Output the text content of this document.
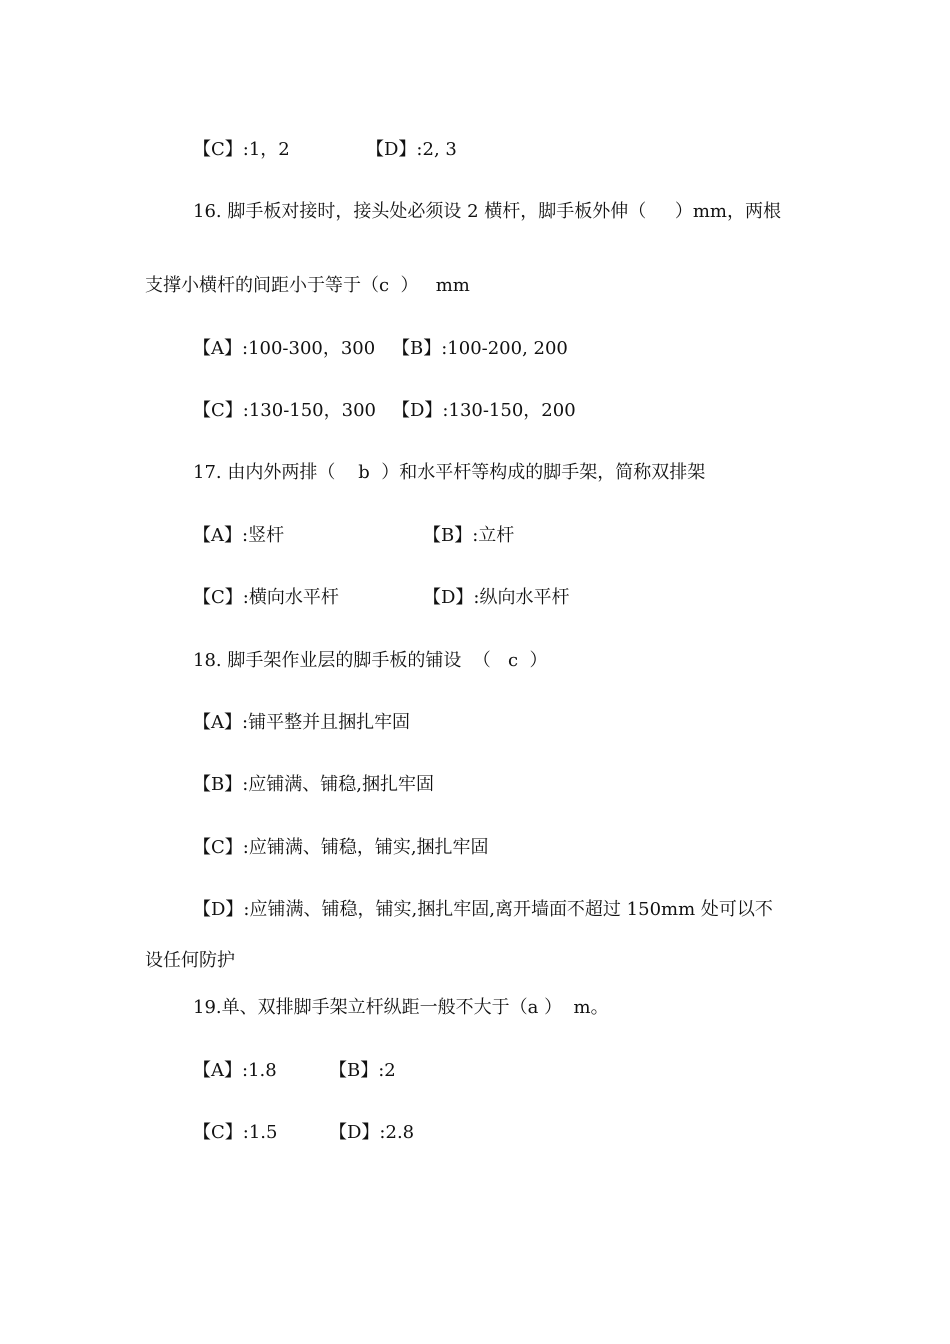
【C】:1，2	【D】:2, 3
16. 脚手板对接时，接头处必须设 2 横杆，脚手板外伸（     ）mm，两根
支撑小横杆的间距小于等于（c  ）   mm
【A】:100-300，300 【B】:100-200, 200
【C】:130-150，300 【D】:130-150，200
17. 由内外两排（    b  ）和水平杆等构成的脚手架，简称双排架
【A】:竖杆	【B】:立杆
【C】:横向水平杆	【D】:纵向水平杆
18. 脚手架作业层的脚手板的铺设  （   c  ）
【A】:铺平整并且捆扎牢固
【B】:应铺满、铺稳,捆扎牢固
【C】:应铺满、铺稳，铺实,捆扎牢固
【D】:应铺满、铺稳，铺实,捆扎牢固,离开墙面不超过 150mm 处可以不
设任何防护
19.单、双排脚手架立杆纵距一般不大于（a ）  m。
【A】:1.8	【B】:2
【C】:1.5	【D】:2.8
